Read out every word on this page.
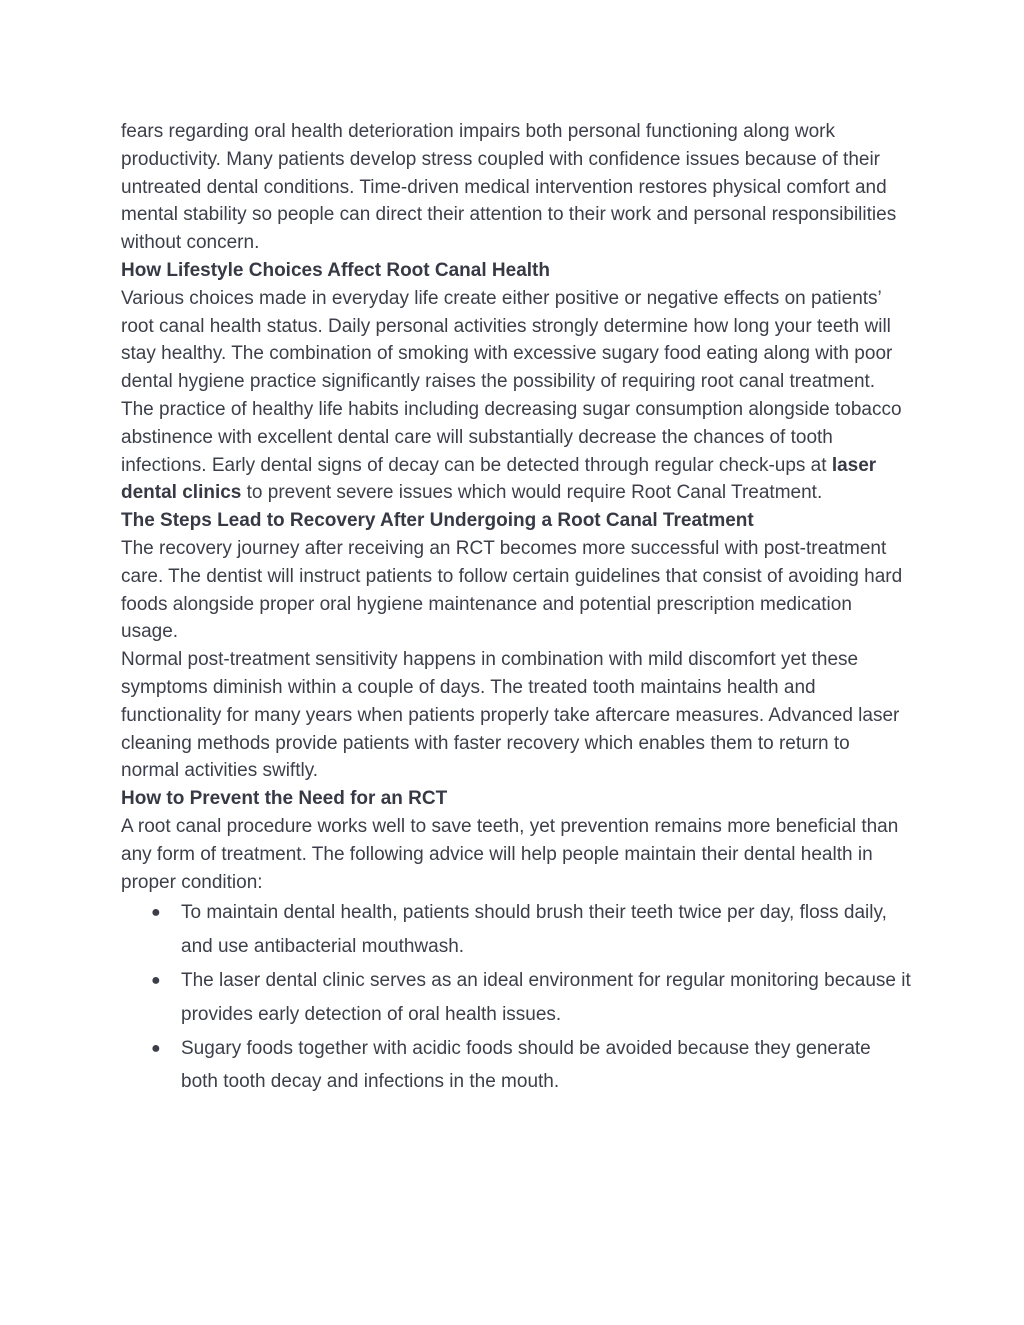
fears regarding oral health deterioration impairs both personal functioning along work productivity. Many patients develop stress coupled with confidence issues because of their untreated dental conditions. Time-driven medical intervention restores physical comfort and mental stability so people can direct their attention to their work and personal responsibilities without concern.

How Lifestyle Choices Affect Root Canal Health

Various choices made in everyday life create either positive or negative effects on patients’ root canal health status. Daily personal activities strongly determine how long your teeth will stay healthy. The combination of smoking with excessive sugary food eating along with poor dental hygiene practice significantly raises the possibility of requiring root canal treatment.

The practice of healthy life habits including decreasing sugar consumption alongside tobacco abstinence with excellent dental care will substantially decrease the chances of tooth infections. Early dental signs of decay can be detected through regular check-ups at laser dental clinics to prevent severe issues which would require Root Canal Treatment.

The Steps Lead to Recovery After Undergoing a Root Canal Treatment

The recovery journey after receiving an RCT becomes more successful with post-treatment care. The dentist will instruct patients to follow certain guidelines that consist of avoiding hard foods alongside proper oral hygiene maintenance and potential prescription medication usage.

Normal post-treatment sensitivity happens in combination with mild discomfort yet these symptoms diminish within a couple of days. The treated tooth maintains health and functionality for many years when patients properly take aftercare measures. Advanced laser cleaning methods provide patients with faster recovery which enables them to return to normal activities swiftly.

How to Prevent the Need for an RCT

A root canal procedure works well to save teeth, yet prevention remains more beneficial than any form of treatment. The following advice will help people maintain their dental health in proper condition:

● To maintain dental health, patients should brush their teeth twice per day, floss daily, and use antibacterial mouthwash.
● The laser dental clinic serves as an ideal environment for regular monitoring because it provides early detection of oral health issues.
● Sugary foods together with acidic foods should be avoided because they generate both tooth decay and infections in the mouth.
